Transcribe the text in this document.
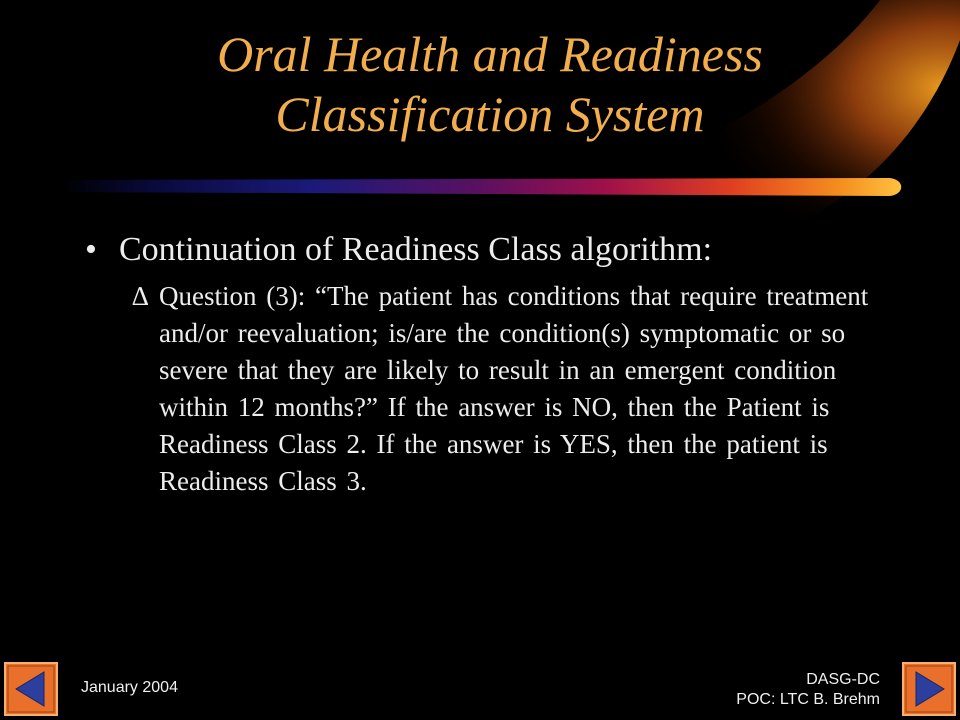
Oral Health and Readiness
Classification System
• Continuation of Readiness Class algorithm:
∆ Question (3): “The patient has conditions that require treatment and/or reevaluation; is/are the condition(s) symptomatic or so severe that they are likely to result in an emergent condition within 12 months?” If the answer is NO, then the Patient is Readiness Class 2. If the answer is YES, then the patient is Readiness Class 3.
January 2004	DASG-DC
POC: LTC B. Brehm
